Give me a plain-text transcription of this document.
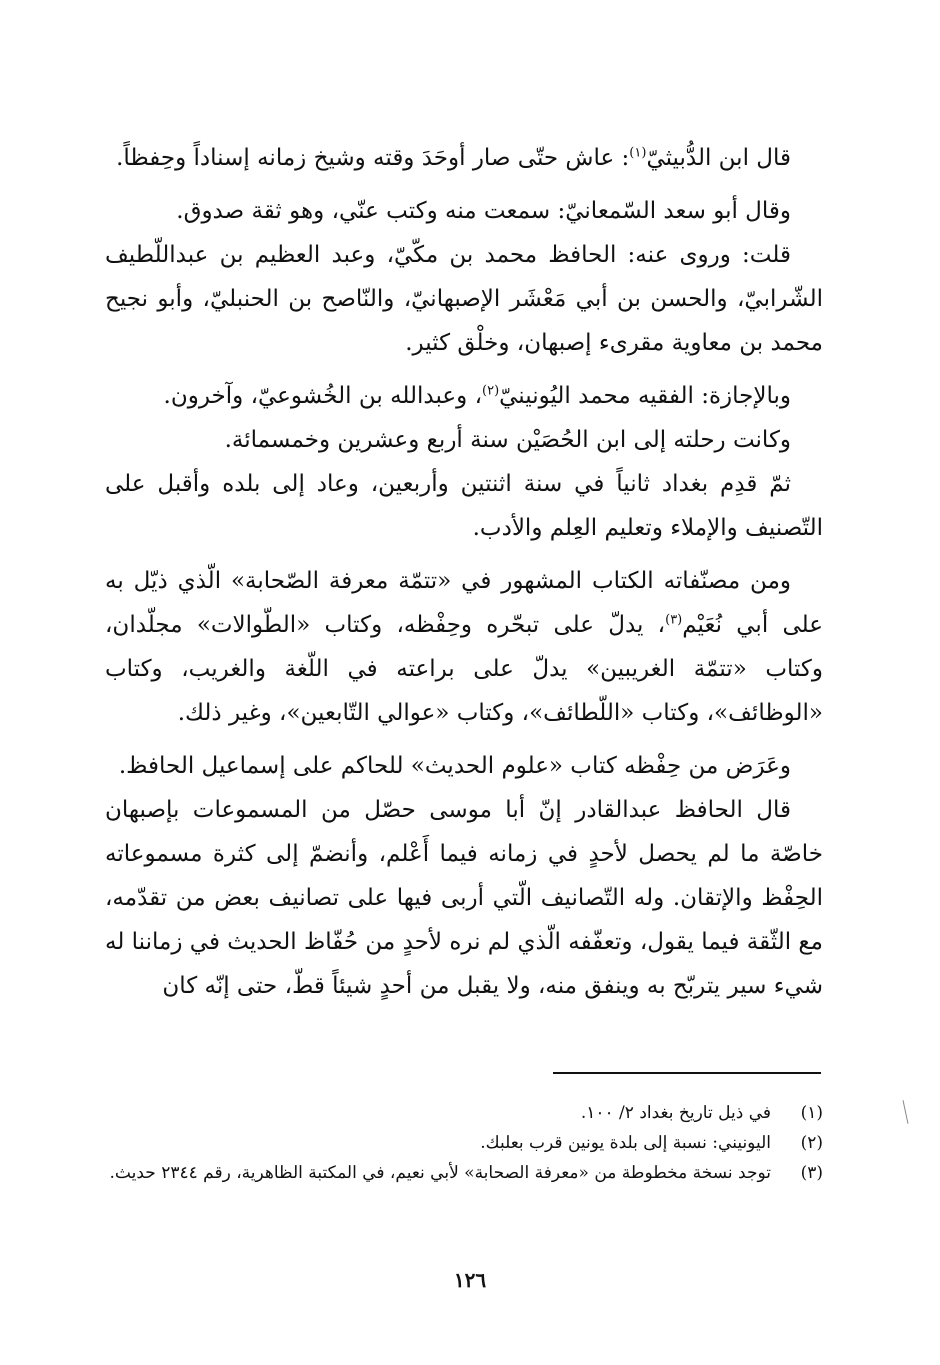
قال ابن الدُّبيثيّ$^{(١)}$: عاش حتّى صار أوحَدَ وقته وشيخ زمانه إسناداً وحِفظاً.

وقال أبو سعد السّمعانيّ: سمعت منه وكتب عنّي، وهو ثقة صدوق.

قلت: وروى عنه: الحافظ محمد بن مكّيّ، وعبد العظيم بن عبداللّطيف الشّرابيّ، والحسن بن أبي مَعْشَر الإصبهانيّ، والنّاصح بن الحنبليّ، وأبو نجيح محمد بن معاوية مقرىء إصبهان، وخلْق كثير.

وبالإجازة: الفقيه محمد اليُونينيّ$^{(٢)}$، وعبدالله بن الخُشوعيّ، وآخرون.

وكانت رحلته إلى ابن الحُصَيْن سنة أربع وعشرين وخمسمائة.

ثمّ قدِم بغداد ثانياً في سنة اثنتين وأربعين، وعاد إلى بلده وأقبل على التّصنيف والإملاء وتعليم العِلم والأدب.

ومن مصنّفاته الكتاب المشهور في «تتمّة معرفة الصّحابة» الّذي ذيّل به على أبي نُعَيْم$^{(٣)}$، يدلّ على تبحّره وحِفْظه، وكتاب «الطّوالات» مجلّدان، وكتاب «تتمّة الغريبين» يدلّ على براعته في اللّغة والغريب، وكتاب «الوظائف»، وكتاب «اللّطائف»، وكتاب «عوالي التّابعين»، وغير ذلك.

وعَرَض من حِفْظه كتاب «علوم الحديث» للحاكم على إسماعيل الحافظ.

قال الحافظ عبدالقادر إنّ أبا موسى حصّل من المسموعات بإصبهان خاصّة ما لم يحصل لأحدٍ في زمانه فيما أَعْلم، وأنضمّ إلى كثرة مسموعاته الحِفْظ والإتقان. وله التّصانيف الّتي أربى فيها على تصانيف بعض من تقدّمه، مع الثّقة فيما يقول، وتعفّفه الّذي لم نره لأحدٍ من حُفّاظ الحديث في زماننا له شيء سير يتربّح به وينفق منه، ولا يقبل من أحدٍ شيئاً قطّ، حتى إنّه كان

(١)
في ذيل تاريخ بغداد ٢/ ١٠٠.
(٢)
اليونيني: نسبة إلى بلدة يونين قرب بعلبك.
(٣)
توجد نسخة مخطوطة من «معرفة الصحابة» لأبي نعيم، في المكتبة الظاهرية، رقم ٢٣٤٤ حديث.
١٢٦
